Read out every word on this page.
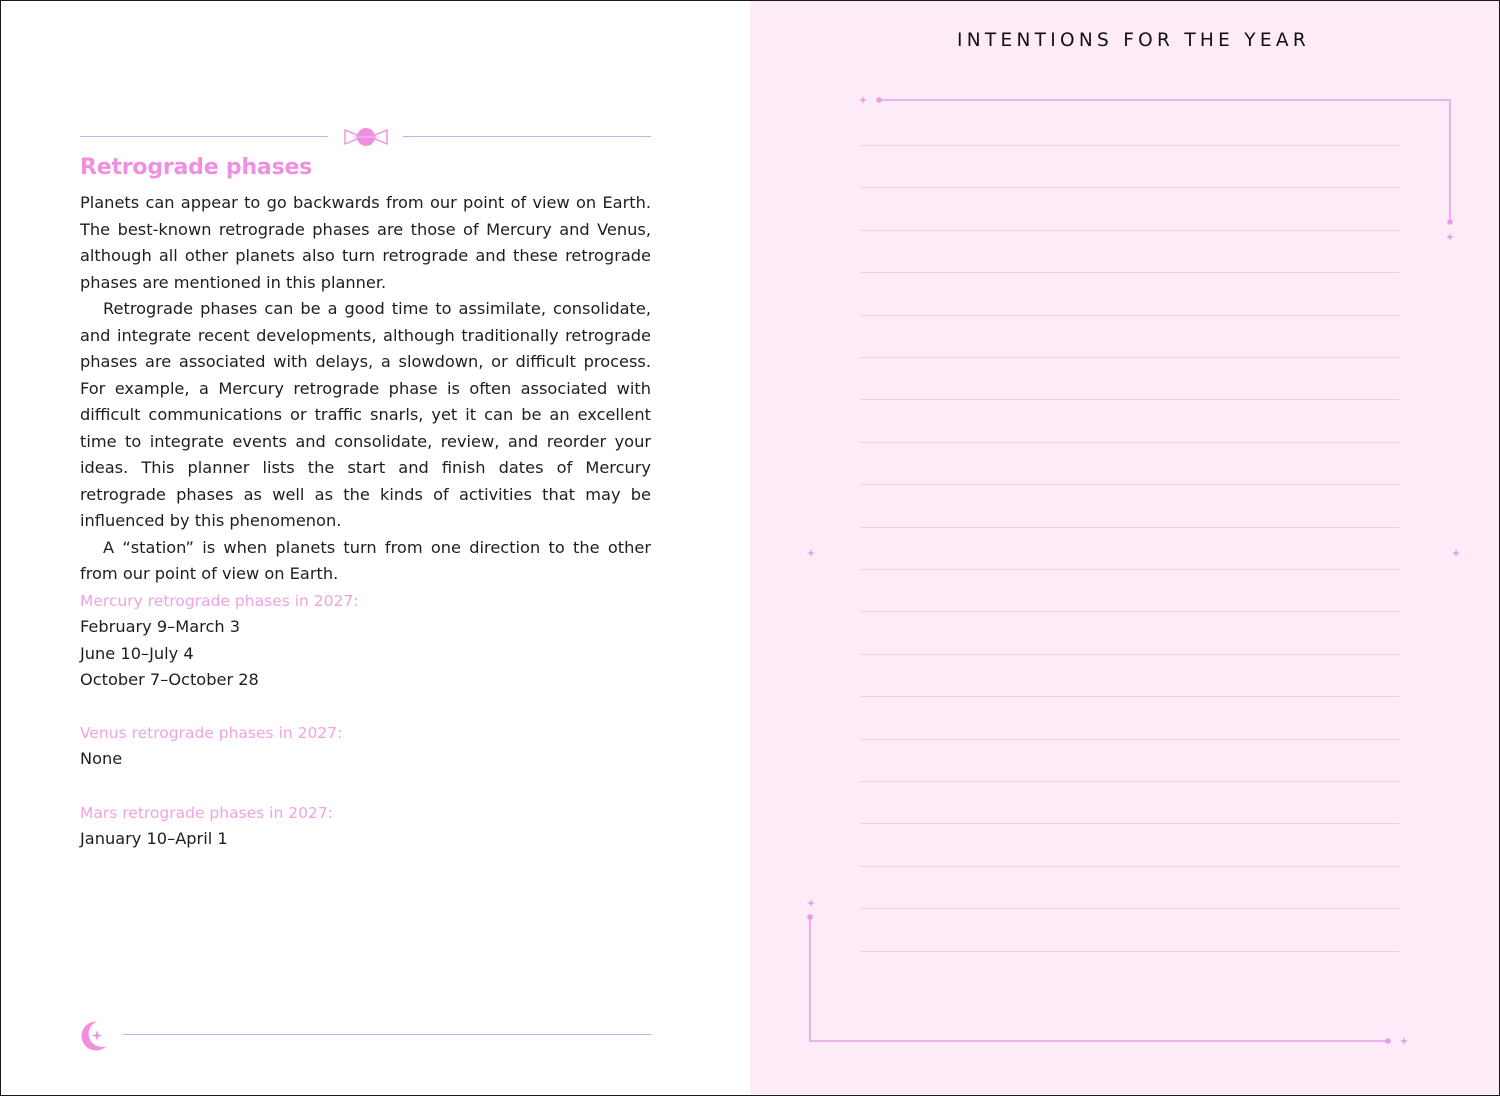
Retrograde phases

Planets can appear to go backwards from our point of view on Earth. The best-known retrograde phases are those of Mercury and Venus, although all other planets also turn retrograde and these retrograde phases are mentioned in this planner.

Retrograde phases can be a good time to assimilate, consolidate, and integrate recent developments, although traditionally retrograde phases are associated with delays, a slowdown, or difficult process. For example, a Mercury retrograde phase is often associated with difficult communications or traffic snarls, yet it can be an excellent time to integrate events and consolidate, review, and reorder your ideas. This planner lists the start and finish dates of Mercury retrograde phases as well as the kinds of activities that may be influenced by this phenomenon.

A “station” is when planets turn from one direction to the other from our point of view on Earth.

Mercury retrograde phases in 2027:
February 9–March 3
June 10–July 4
October 7–October 28
Venus retrograde phases in 2027:
None
Mars retrograde phases in 2027:
January 10–April 1
INTENTIONS FOR THE YEAR
